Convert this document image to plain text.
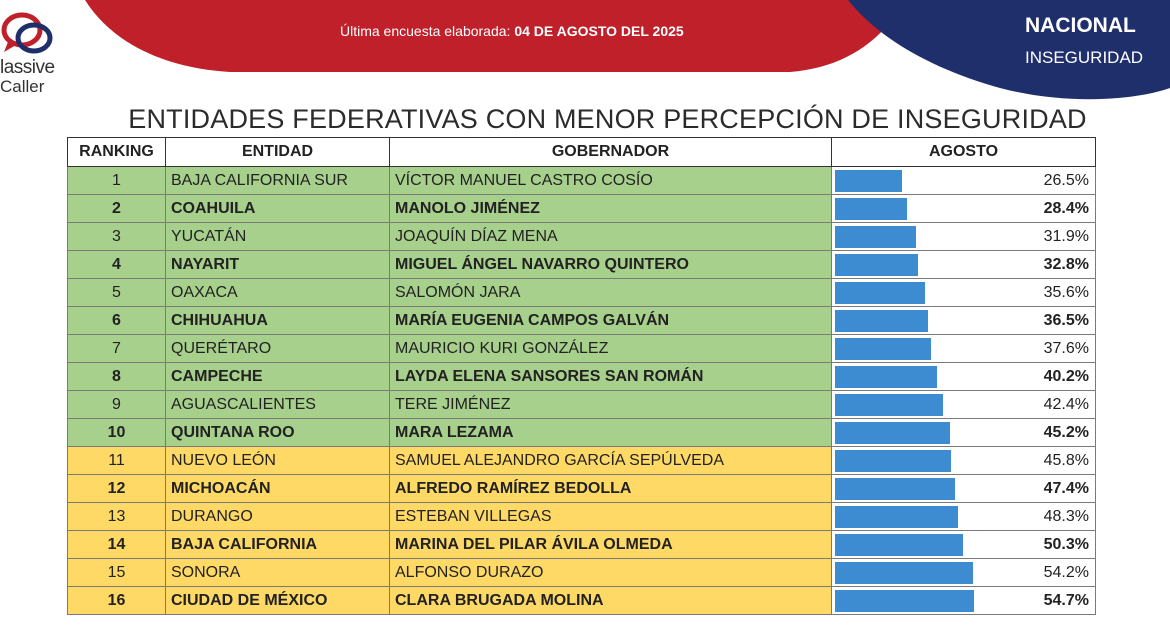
Última encuesta elaborada: 04 DE AGOSTO DEL 2025	NACIONAL
INSEGURIDAD
lassive
Caller
ENTIDADES FEDERATIVAS CON MENOR PERCEPCIÓN DE INSEGURIDAD
RANKING	ENTIDAD	GOBERNADOR	AGOSTO
1	BAJA CALIFORNIA SUR	VÍCTOR MANUEL CASTRO COSÍO	26.5%

2	COAHUILA	MANOLO JIMÉNEZ	28.4%

3	YUCATÁN	JOAQUÍN DÍAZ MENA	31.9%

4	NAYARIT	MIGUEL ÁNGEL NAVARRO QUINTERO	32.8%

5	OAXACA	SALOMÓN JARA	35.6%

6	CHIHUAHUA	MARÍA EUGENIA CAMPOS GALVÁN	36.5%

7	QUERÉTARO	MAURICIO KURI GONZÁLEZ	37.6%

8	CAMPECHE	LAYDA ELENA SANSORES SAN ROMÁN	40.2%

9	AGUASCALIENTES	TERE JIMÉNEZ	42.4%

10	QUINTANA ROO	MARA LEZAMA	45.2%

11	NUEVO LEÓN	SAMUEL ALEJANDRO GARCÍA SEPÚLVEDA	45.8%

12	MICHOACÁN	ALFREDO RAMÍREZ BEDOLLA	47.4%

13	DURANGO	ESTEBAN VILLEGAS	48.3%

14	BAJA CALIFORNIA	MARINA DEL PILAR ÁVILA OLMEDA	50.3%

15	SONORA	ALFONSO DURAZO	54.2%

16	CIUDAD DE MÉXICO	CLARA BRUGADA MOLINA	54.7%
